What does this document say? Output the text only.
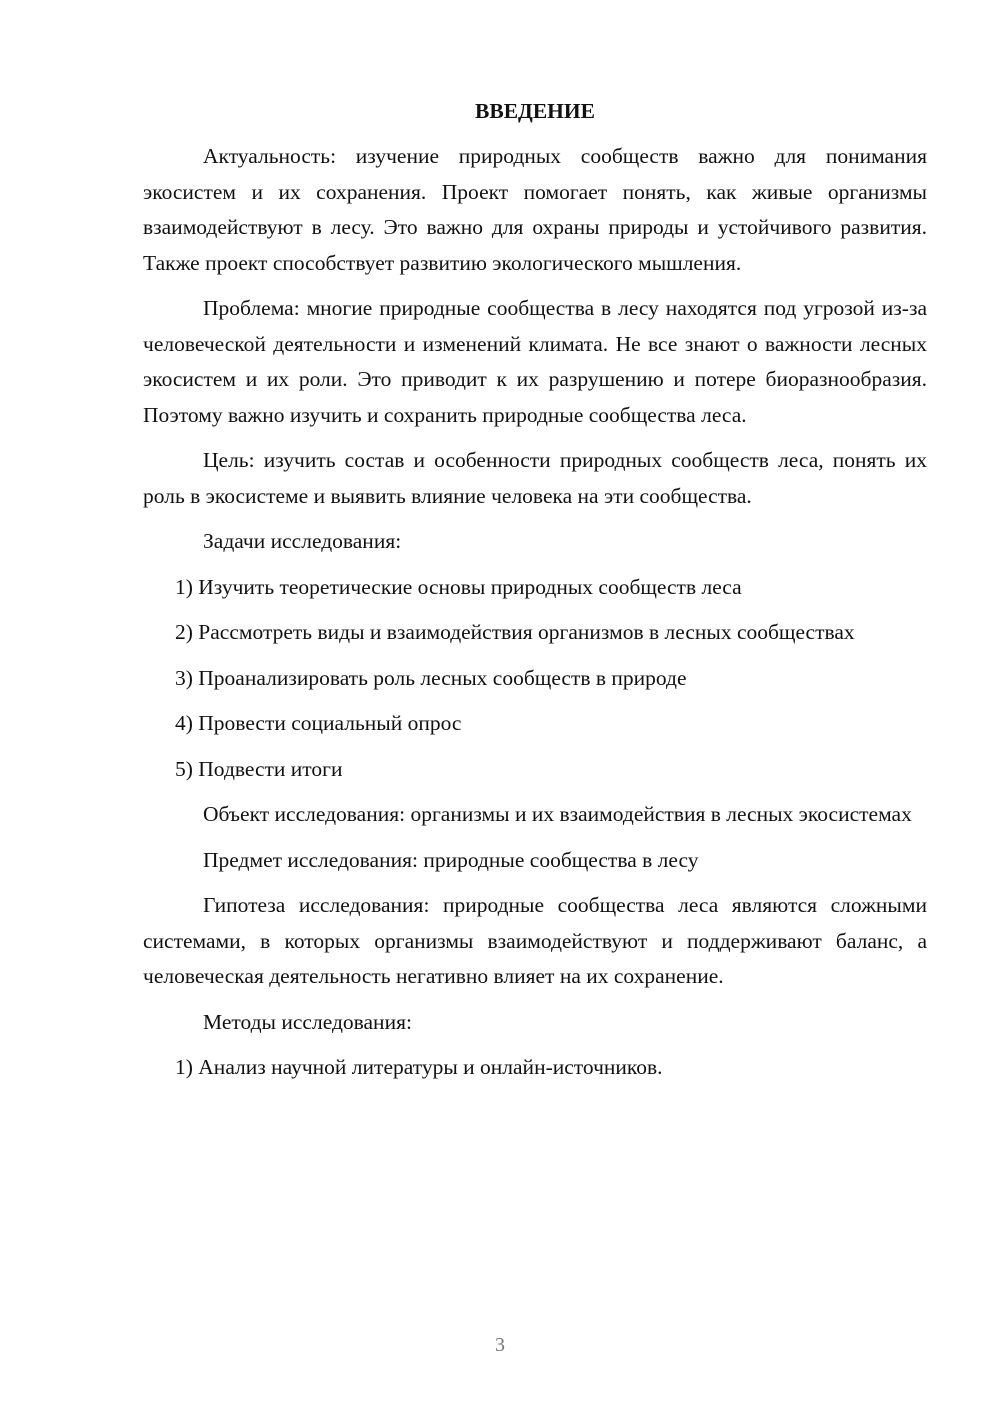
ВВЕДЕНИЕ

Актуальность: изучение природных сообществ важно для понимания экосистем и их сохранения. Проект помогает понять, как живые организмы взаимодействуют в лесу. Это важно для охраны природы и устойчивого развития. Также проект способствует развитию экологического мышления.

Проблема: многие природные сообщества в лесу находятся под угрозой из-за человеческой деятельности и изменений климата. Не все знают о важности лесных экосистем и их роли. Это приводит к их разрушению и потере биоразнообразия. Поэтому важно изучить и сохранить природные сообщества леса.

Цель: изучить состав и особенности природных сообществ леса, понять их роль в экосистеме и выявить влияние человека на эти сообщества.

Задачи исследования:

1) Изучить теоретические основы природных сообществ леса

2) Рассмотреть виды и взаимодействия организмов в лесных сообществах

3) Проанализировать роль лесных сообществ в природе

4) Провести социальный опрос

5) Подвести итоги

Объект исследования: организмы и их взаимодействия в лесных экосистемах

Предмет исследования: природные сообщества в лесу

Гипотеза исследования: природные сообщества леса являются сложными системами, в которых организмы взаимодействуют и поддерживают баланс, а человеческая деятельность негативно влияет на их сохранение.

Методы исследования:

1) Анализ научной литературы и онлайн-источников.

3
